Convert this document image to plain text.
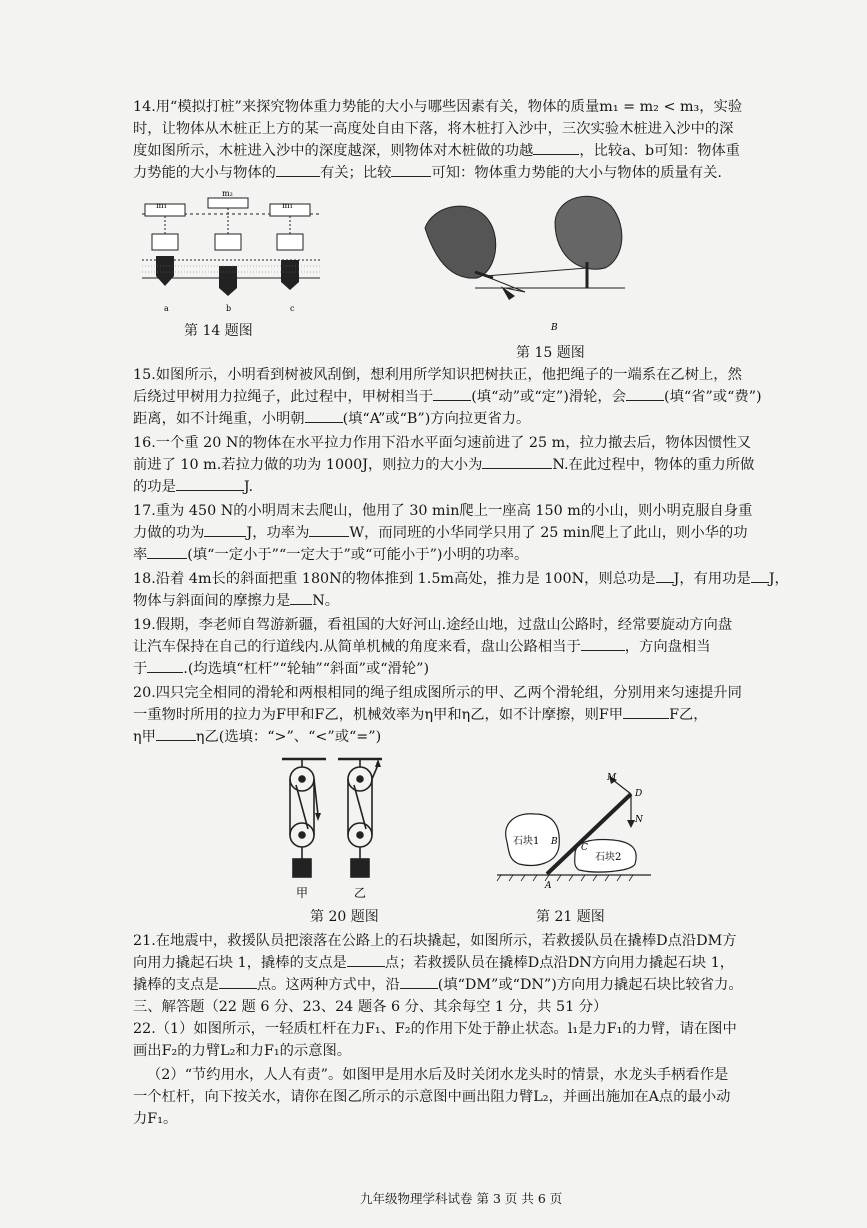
14.用“模拟打桩”来探究物体重力势能的大小与哪些因素有关，物体的质量m₁ = m₂ < m₃，实验
时，让物体从木桩正上方的某一高度处自由下落，将木桩打入沙中，三次实验木桩进入沙中的深
度如图所示，木桩进入沙中的深度越深，则物体对木桩做的功越	，比较a、b可知：物体重
力势能的大小与物体的	有关；比较	可知：物体重力势能的大小与物体的质量有关.
m₁
m₂
m₁
a	b	c
第 14 题图	B
第 15 题图
15.如图所示，小明看到树被风刮倒，想利用所学知识把树扶正，他把绳子的一端系在乙树上，然
后绕过甲树用力拉绳子，此过程中，甲树相当于	(填“动”或“定”)滑轮，会	(填“省”或“费”)
距离，如不计绳重，小明朝	(填“A”或“B”)方向拉更省力。
16.一个重 20 N的物体在水平拉力作用下沿水平面匀速前进了 25 m，拉力撤去后，物体因惯性又
前进了 10 m.若拉力做的功为 1000J，则拉力的大小为	N.在此过程中，物体的重力所做
的功是	J.
17.重为 450 N的小明周末去爬山，他用了 30 min爬上一座高 150 m的小山，则小明克服自身重
力做的功为	J，功率为	W，而同班的小华同学只用了 25 min爬上了此山，则小华的功
率	(填“一定小于”“一定大于”或“可能小于”)小明的功率。
18.沿着 4m长的斜面把重 180N的物体推到 1.5m高处，推力是 100N，则总功是 J，有用功是 J，
物体与斜面间的摩擦力是 N。
19.假期，李老师自驾游新疆，看祖国的大好河山.途经山地，过盘山公路时，经常要旋动方向盘
让汽车保持在自己的行道线内.从简单机械的角度来看，盘山公路相当于	，方向盘相当
于	.(均选填“杠杆”“轮轴”“斜面”或“滑轮”)
20.四只完全相同的滑轮和两根相同的绳子组成图所示的甲、乙两个滑轮组，分别用来匀速提升同
一重物时所用的拉力为F甲和F乙，机械效率为η甲和η乙，如不计摩擦，则F甲	F乙，
η甲	η乙(选填：“>”、“<”或“=”)
甲	乙
第 20 题图
M
D
N
石块1
石块2
B
C
A
第 21 题图
21.在地震中，救援队员把滚落在公路上的石块撬起，如图所示，若救援队员在撬棒D点沿DM方
向用力撬起石块 1，撬棒的支点是	点；若救援队员在撬棒D点沿DN方向用力撬起石块 1，
撬棒的支点是	点。这两种方式中，沿	(填“DM”或“DN”)方向用力撬起石块比较省力。
三、解答题（22 题 6 分、23、24 题各 6 分、其余每空 1 分，共 51 分）
22.（1）如图所示，一轻质杠杆在力F₁、F₂的作用下处于静止状态。l₁是力F₁的力臂，请在图中
画出F₂的力臂L₂和力F₁的示意图。
（2）“节约用水，人人有责”。如图甲是用水后及时关闭水龙头时的情景，水龙头手柄看作是
一个杠杆，向下按关水，请你在图乙所示的示意图中画出阻力臂L₂，并画出施加在A点的最小动
力F₁。
九年级物理学科试卷 第 3 页 共 6 页
